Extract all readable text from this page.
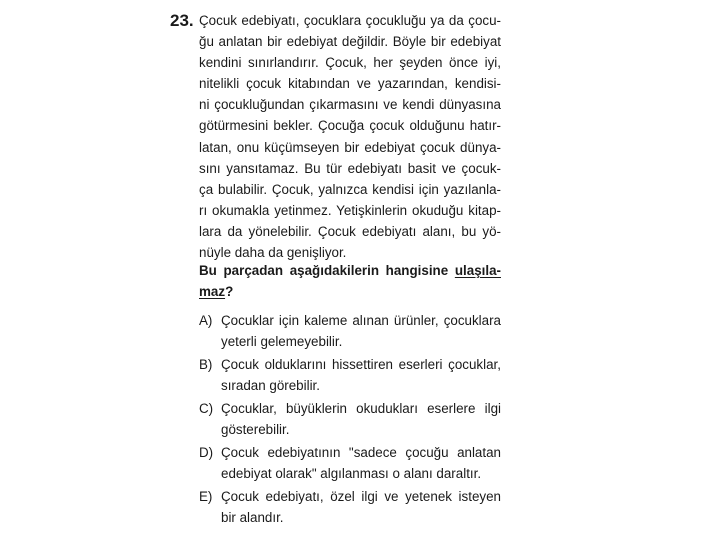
23. Çocuk edebiyatı, çocuklara çocukluğu ya da çocu-
ğu anlatan bir edebiyat değildir. Böyle bir edebiyat
kendini sınırlandırır. Çocuk, her şeyden önce iyi,
nitelikli çocuk kitabından ve yazarından, kendisi-
ni çocukluğundan çıkarmasını ve kendi dünyasına
götürmesini bekler. Çocuğa çocuk olduğunu hatır-
latan, onu küçümseyen bir edebiyat çocuk dünya-
sını yansıtamaz. Bu tür edebiyatı basit ve çocuk-
ça bulabilir. Çocuk, yalnızca kendisi için yazılanla-
rı okumakla yetinmez. Yetişkinlerin okuduğu kitap-
lara da yönelebilir. Çocuk edebiyatı alanı, bu yö-
nüyle daha da genişliyor.
Bu parçadan aşağıdakilerin hangisine ulaşıla-
maz?
A) Çocuklar için kaleme alınan ürünler, çocuklara
yeterli gelemeyebilir.
B) Çocuk olduklarını hissettiren eserleri çocuklar,
sıradan görebilir.
C) Çocuklar, büyüklerin okudukları eserlere ilgi
gösterebilir.
D) Çocuk edebiyatının "sadece çocuğu anlatan
edebiyat olarak" algılanması o alanı daraltır.
E) Çocuk edebiyatı, özel ilgi ve yetenek isteyen
bir alandır.
